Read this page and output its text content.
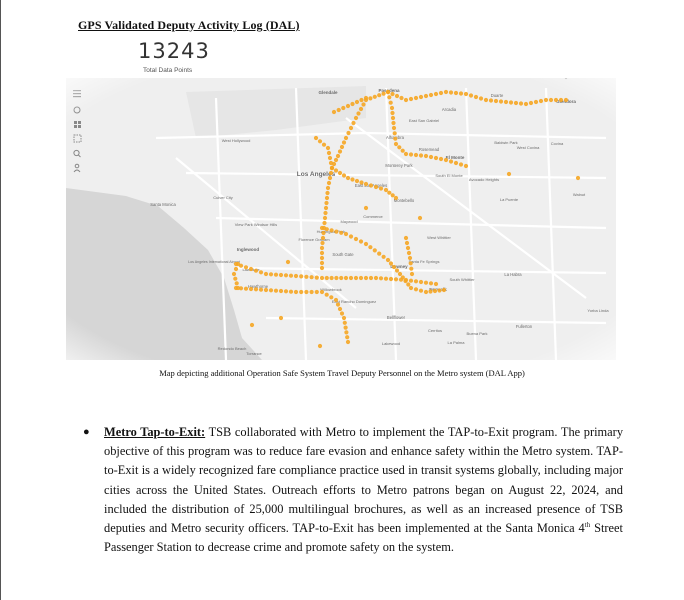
GPS Validated Deputy Activity Log (DAL)
13243
Total Data Points
Map depicting additional Operation Safe System Travel Deputy Personnel on the Metro system (DAL App)
● Metro Tap-to-Exit: TSB collaborated with Metro to implement the TAP-to-Exit program. The primary objective of this program was to reduce fare evasion and enhance safety within the Metro system. TAP-to-Exit is a widely recognized fare compliance practice used in transit systems globally, including major cities across the United States. Outreach efforts to Metro patrons began on August 22, 2024, and included the distribution of 25,000 multilingual brochures, as well as an increased presence of TSB deputies and Metro security officers. TAP-to-Exit has been implemented at the Santa Monica 4th Street Passenger Station to decrease crime and promote safety on the system.
